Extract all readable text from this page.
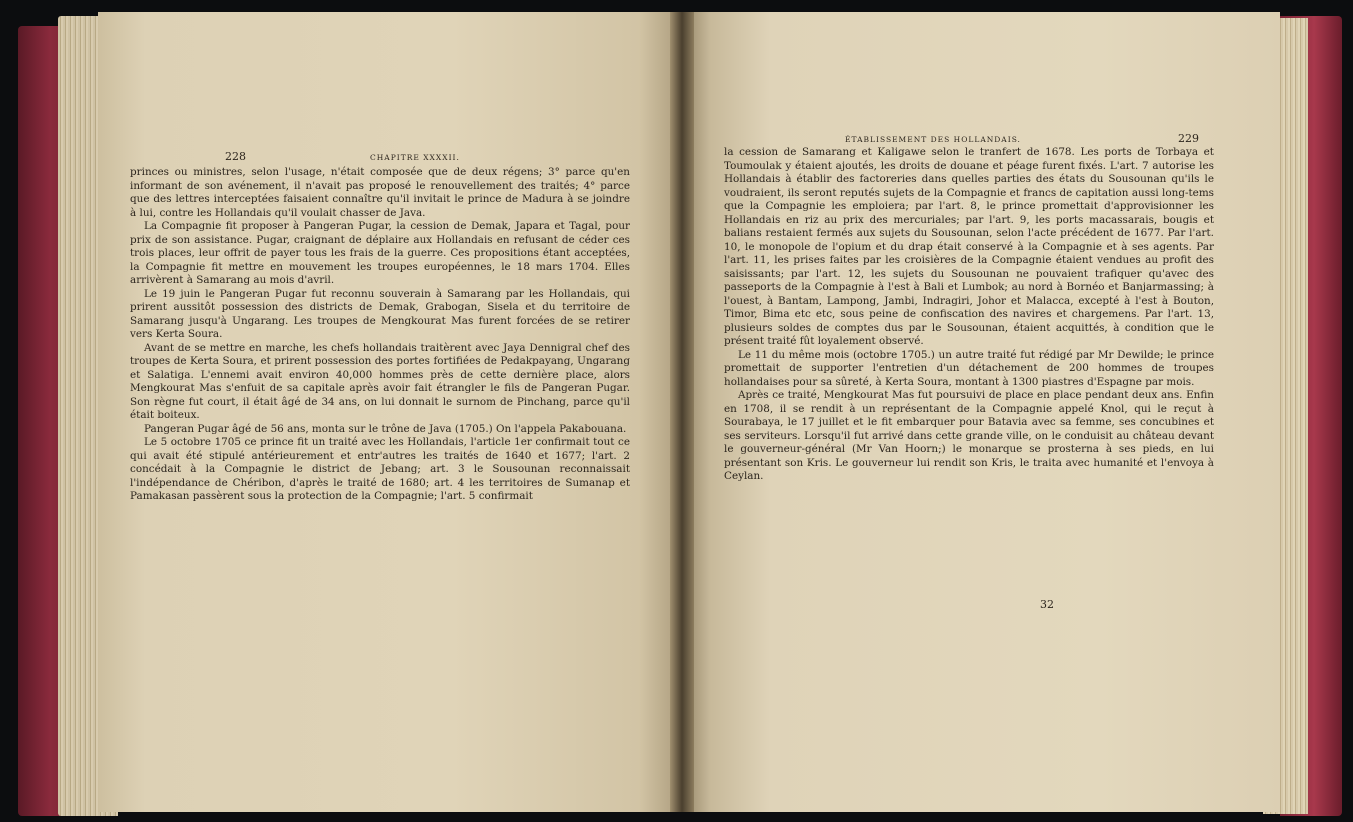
228	CHAPITRE XXXXII.

princes ou ministres, selon l'usage, n'était composée que de deux régens; 3° parce qu'en informant de son avénement, il n'avait pas proposé le renouvellement des traités; 4° parce que des lettres interceptées faisaient connaître qu'il invitait le prince de Madura à se joindre à lui, contre les Hollandais qu'il voulait chasser de Java.

La Compagnie fit proposer à Pangeran Pugar, la cession de Demak, Japara et Tagal, pour prix de son assistance. Pugar, craignant de déplaire aux Hollandais en refusant de céder ces trois places, leur offrit de payer tous les frais de la guerre. Ces propositions étant acceptées, la Compagnie fit mettre en mouvement les troupes européennes, le 18 mars 1704. Elles arrivèrent à Samarang au mois d'avril.

Le 19 juin le Pangeran Pugar fut reconnu souverain à Samarang par les Hollandais, qui prirent aussitôt possession des districts de Demak, Grabogan, Sisela et du territoire de Samarang jusqu'à Ungarang. Les troupes de Mengkourat Mas furent forcées de se retirer vers Kerta Soura.

Avant de se mettre en marche, les chefs hollandais traitèrent avec Jaya Dennigral chef des troupes de Kerta Soura, et prirent possession des portes fortifiées de Pedakpayang, Ungarang et Salatiga. L'ennemi avait environ 40,000 hommes près de cette dernière place, alors Mengkourat Mas s'enfuit de sa capitale après avoir fait étrangler le fils de Pangeran Pugar. Son règne fut court, il était âgé de 34 ans, on lui donnait le surnom de Pinchang, parce qu'il était boiteux.

Pangeran Pugar âgé de 56 ans, monta sur le trône de Java (1705.) On l'appela Pakabouana.

Le 5 octobre 1705 ce prince fit un traité avec les Hollandais, l'article 1er confirmait tout ce qui avait été stipulé antérieurement et entr'autres les traités de 1640 et 1677; l'art. 2 concédait à la Compagnie le district de Jebang; art. 3 le Sousounan reconnaissait l'indépendance de Chéribon, d'après le traité de 1680; art. 4 les territoires de Sumanap et Pamakasan passèrent sous la protection de la Compagnie; l'art. 5 confirmait

ÉTABLISSEMENT DES HOLLANDAIS.	229

la cession de Samarang et Kaligawe selon le tranfert de 1678. Les ports de Torbaya et Toumoulak y étaient ajoutés, les droits de douane et péage furent fixés. L'art. 7 autorise les Hollandais à établir des factoreries dans quelles parties des états du Sousounan qu'ils le voudraient, ils seront reputés sujets de la Compagnie et francs de capitation aussi long-tems que la Compagnie les emploiera; par l'art. 8, le prince promettait d'approvisionner les Hollandais en riz au prix des mercuriales; par l'art. 9, les ports macassarais, bougis et balians restaient fermés aux sujets du Sousounan, selon l'acte précédent de 1677. Par l'art. 10, le monopole de l'opium et du drap était conservé à la Compagnie et à ses agents. Par l'art. 11, les prises faites par les croisières de la Compagnie étaient vendues au profit des saisissants; par l'art. 12, les sujets du Sousounan ne pouvaient trafiquer qu'avec des passeports de la Compagnie à l'est à Bali et Lumbok; au nord à Bornéo et Banjarmassing; à l'ouest, à Bantam, Lampong, Jambi, Indragiri, Johor et Malacca, excepté à l'est à Bouton, Timor, Bima etc etc, sous peine de confiscation des navires et chargemens. Par l'art. 13, plusieurs soldes de comptes dus par le Sousounan, étaient acquittés, à condition que le présent traité fût loyalement observé.

Le 11 du même mois (octobre 1705.) un autre traité fut rédigé par Mr Dewilde; le prince promettait de supporter l'entretien d'un détachement de 200 hommes de troupes hollandaises pour sa sûreté, à Kerta Soura, montant à 1300 piastres d'Espagne par mois.

Après ce traité, Mengkourat Mas fut poursuivi de place en place pendant deux ans. Enfin en 1708, il se rendit à un représentant de la Compagnie appelé Knol, qui le reçut à Sourabaya, le 17 juillet et le fit embarquer pour Batavia avec sa femme, ses concubines et ses serviteurs. Lorsqu'il fut arrivé dans cette grande ville, on le conduisit au château devant le gouverneur-général (Mr Van Hoorn;) le monarque se prosterna à ses pieds, en lui présentant son Kris. Le gouverneur lui rendit son Kris, le traita avec humanité et l'envoya à Ceylan.

32
